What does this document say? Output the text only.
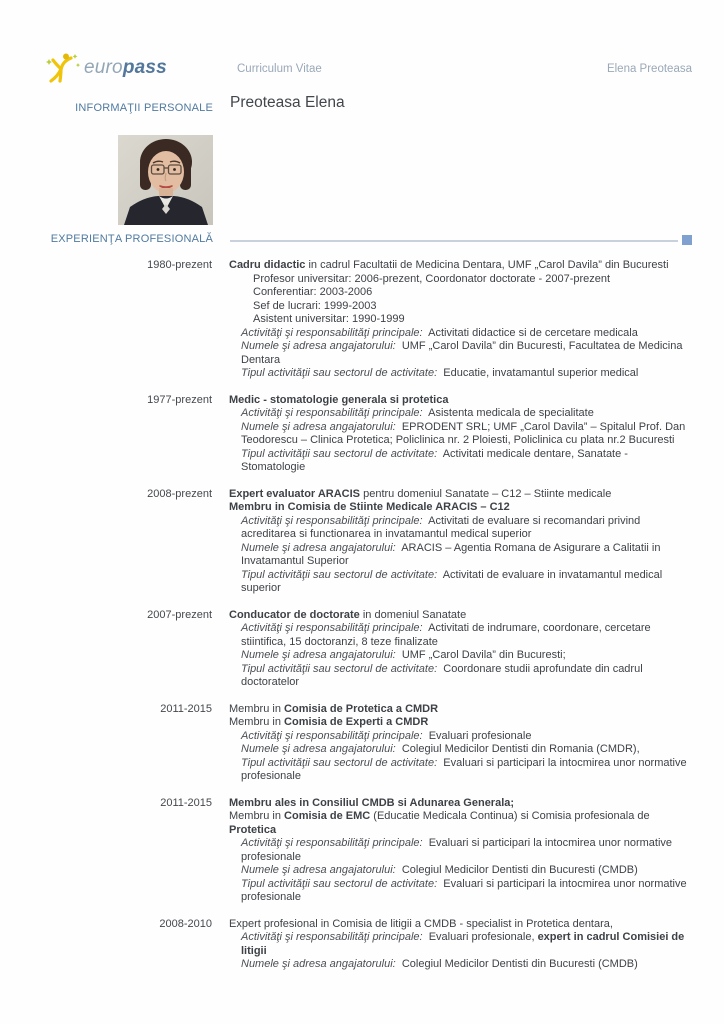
europass	Curriculum Vitae	Elena Preoteasa
INFORMAŢII PERSONALE Preoteasa Elena
EXPERIENŢA PROFESIONALĂ
1980-prezent Cadru didactic in cadrul Facultatii de Medicina Dentara, UMF „Carol Davila” din Bucuresti
Profesor universitar: 2006-prezent, Coordonator doctorate - 2007-prezent
Conferentiar: 2003-2006
Sef de lucrari: 1999-2003
Asistent universitar: 1990-1999
Activităţi şi responsabilităţi principale: Activitati didactice si de cercetare medicala
Numele şi adresa angajatorului: UMF „Carol Davila” din Bucuresti, Facultatea de Medicina Dentara
Tipul activităţii sau sectorul de activitate: Educatie, invatamantul superior medical
1977-prezent Medic - stomatologie generala si protetica
Activităţi şi responsabilităţi principale: Asistenta medicala de specialitate
Numele şi adresa angajatorului: EPRODENT SRL; UMF „Carol Davila” – Spitalul Prof. Dan Teodorescu – Clinica Protetica; Policlinica nr. 2 Ploiesti, Policlinica cu plata nr.2 Bucuresti
Tipul activităţii sau sectorul de activitate: Activitati medicale dentare, Sanatate - Stomatologie
2008-prezent Expert evaluator ARACIS pentru domeniul Sanatate – C12 – Stiinte medicale
Membru in Comisia de Stiinte Medicale ARACIS – C12
Activităţi şi responsabilităţi principale: Activitati de evaluare si recomandari privind acreditarea si functionarea in invatamantul medical superior
Numele şi adresa angajatorului: ARACIS – Agentia Romana de Asigurare a Calitatii in Invatamantul Superior
Tipul activităţii sau sectorul de activitate: Activitati de evaluare in invatamantul medical superior
2007-prezent Conducator de doctorate in domeniul Sanatate
Activităţi şi responsabilităţi principale: Activitati de indrumare, coordonare, cercetare stiintifica, 15 doctoranzi, 8 teze finalizate
Numele şi adresa angajatorului: UMF „Carol Davila” din Bucuresti;
Tipul activităţii sau sectorul de activitate: Coordonare studii aprofundate din cadrul doctoratelor
2011-2015 Membru in Comisia de Protetica a CMDR
Membru in Comisia de Experti a CMDR
Activităţi şi responsabilităţi principale: Evaluari profesionale
Numele şi adresa angajatorului: Colegiul Medicilor Dentisti din Romania (CMDR),
Tipul activităţii sau sectorul de activitate: Evaluari si participari la intocmirea unor normative profesionale
2011-2015 Membru ales in Consiliul CMDB si Adunarea Generala;
Membru in Comisia de EMC (Educatie Medicala Continua) si Comisia profesionala de
Protetica
Activităţi şi responsabilităţi principale: Evaluari si participari la intocmirea unor normative profesionale
Numele şi adresa angajatorului: Colegiul Medicilor Dentisti din Bucuresti (CMDB)
Tipul activităţii sau sectorul de activitate: Evaluari si participari la intocmirea unor normative profesionale
2008-2010 Expert profesional in Comisia de litigii a CMDB - specialist in Protetica dentara,
Activităţi şi responsabilităţi principale: Evaluari profesionale, expert in cadrul Comisiei de litigii
Numele şi adresa angajatorului: Colegiul Medicilor Dentisti din Bucuresti (CMDB)
